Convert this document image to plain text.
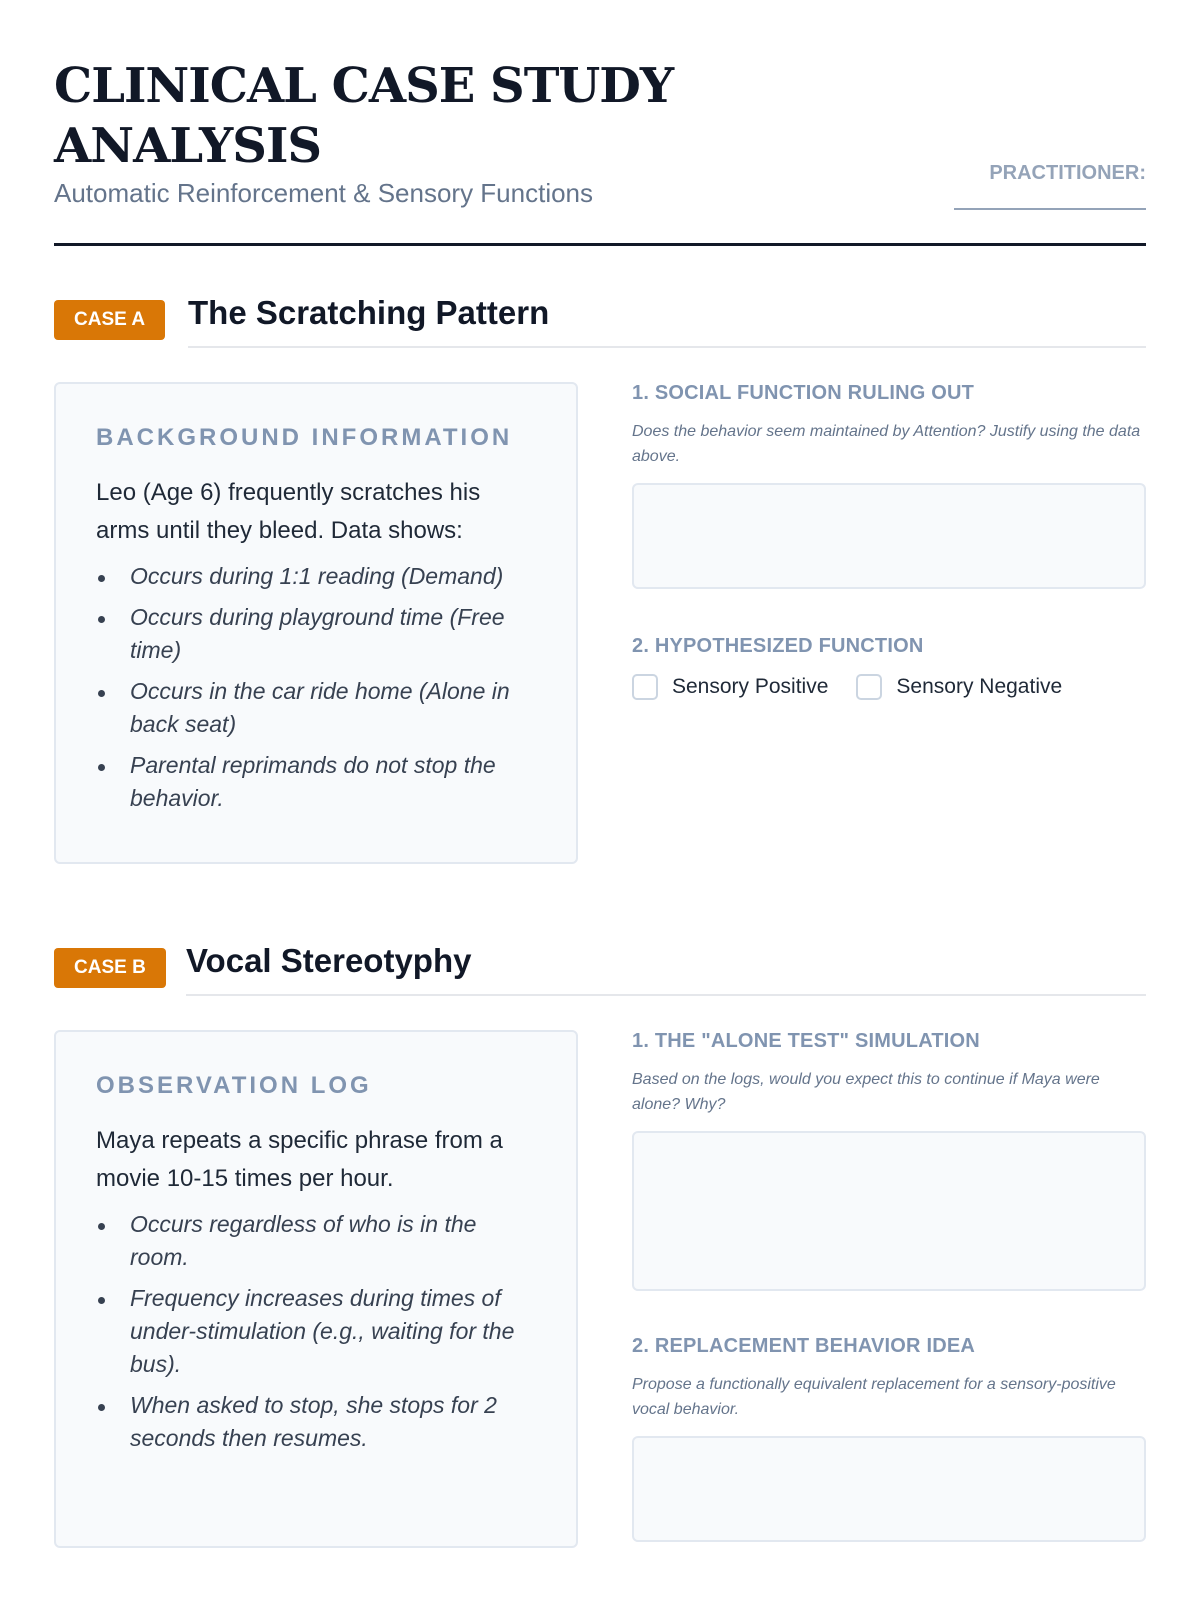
CLINICAL CASE STUDY ANALYSIS
Automatic Reinforcement & Sensory Functions
PRACTITIONER:
CASE A	The Scratching Pattern
BACKGROUND INFORMATION
Leo (Age 6) frequently scratches his arms until they bleed. Data shows:
Occurs during 1:1 reading (Demand)
Occurs during playground time (Free time)
Occurs in the car ride home (Alone in back seat)
Parental reprimands do not stop the behavior.
1. SOCIAL FUNCTION RULING OUT
Does the behavior seem maintained by Attention? Justify using the data above.
2. HYPOTHESIZED FUNCTION
Sensory Positive	Sensory Negative
CASE B	Vocal Stereotyphy
OBSERVATION LOG
Maya repeats a specific phrase from a movie 10-15 times per hour.
Occurs regardless of who is in the room.
Frequency increases during times of under-stimulation (e.g., waiting for the bus).
When asked to stop, she stops for 2 seconds then resumes.
1. THE "ALONE TEST" SIMULATION
Based on the logs, would you expect this to continue if Maya were alone? Why?
2. REPLACEMENT BEHAVIOR IDEA
Propose a functionally equivalent replacement for a sensory-positive vocal behavior.
